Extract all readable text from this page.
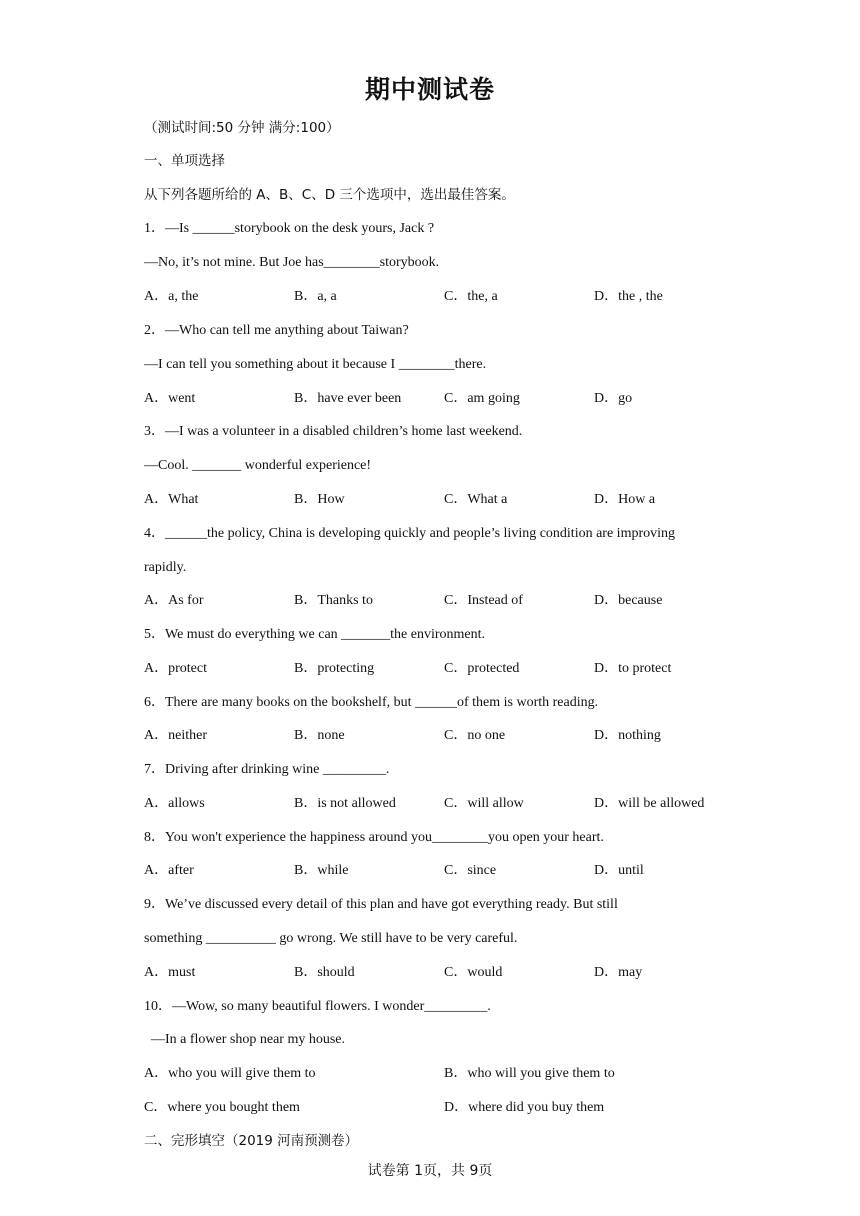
期中测试卷
（测试时间:50 分钟 满分:100）
一、单项选择
从下列各题所给的 A、B、C、D 三个选项中，选出最佳答案。
1．—Is ______storybook on the desk yours, Jack ?
—No, it’s not mine. But Joe has________storybook.
A．a, the	B．a, a	C．the, a	D．the , the
2．—Who can tell me anything about Taiwan?
—I can tell you something about it because I ________there.
A．went	B．have ever been	C．am going	D．go
3．—I was a volunteer in a disabled children’s home last weekend.
—Cool. _______ wonderful experience!
A．What	B．How	C．What a	D．How a
4．______the policy, China is developing quickly and people’s living condition are improving
rapidly.
A．As for	B．Thanks to	C．Instead of	D．because
5．We must do everything we can _______the environment.
A．protect	B．protecting	C．protected	D．to protect
6．There are many books on the bookshelf, but ______of them is worth reading.
A．neither	B．none	C．no one	D．nothing
7．Driving after drinking wine _________.
A．allows	B．is not allowed	C．will allow	D．will be allowed
8．You won't experience the happiness around you________you open your heart.
A．after	B．while	C．since	D．until
9．We’ve discussed every detail of this plan and have got everything ready. But still
something __________ go wrong. We still have to be very careful.
A．must	B．should	C．would	D．may
10．—Wow, so many beautiful flowers. I wonder_________.
—In a flower shop near my house.
A．who you will give them to	B．who will you give them to
C．where you bought them	D．where did you buy them
二、完形填空（2019 河南预测卷）
试卷第 1页，共 9页
